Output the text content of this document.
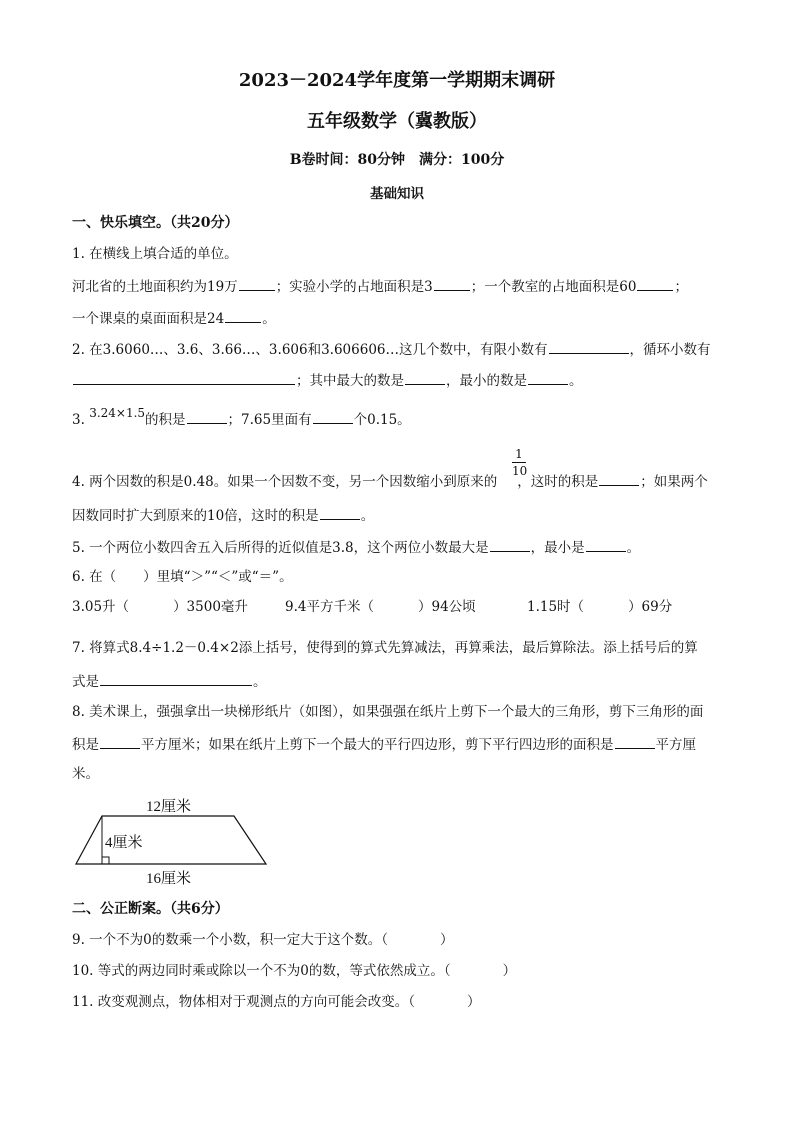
2023－2024学年度第一学期期末调研
五年级数学（冀教版）
B卷时间：80分钟　满分：100分
基础知识
一、快乐填空。（共20分）
1. 在横线上填合适的单位。
河北省的土地面积约为19万	；实验小学的占地面积是3	；一个教室的占地面积是60	；
一个课桌的桌面面积是24	。
2. 在3.6060…、3.6、3.66…、3.606和3.606606…这几个数中，有限小数有	，循环小数有
；其中最大的数是	，最小的数是	。
3. 3.24×1.5的积是	；7.65里面有	个0.15。
1
10
4. 两个因数的积是0.48。如果一个因数不变，另一个因数缩小到原来的 ，这时的积是	；如果两个
因数同时扩大到原来的10倍，这时的积是	。
5. 一个两位小数四舍五入后所得的近似值是3.8，这个两位小数最大是	，最小是	。
6. 在（　　）里填“＞”“＜”或“＝”。
3.05升（	）3500毫升	9.4平方千米（	）94公顷	1.15时（	）69分
7. 将算式8.4÷1.2－0.4×2添上括号，使得到的算式先算减法，再算乘法，最后算除法。添上括号后的算
式是	。
8. 美术课上，强强拿出一块梯形纸片（如图），如果强强在纸片上剪下一个最大的三角形，剪下三角形的面
积是	平方厘米；如果在纸片上剪下一个最大的平行四边形，剪下平行四边形的面积是	平方厘
米。
12厘米
4厘米
16厘米
二、公正断案。（共6分）
9. 一个不为0的数乘一个小数，积一定大于这个数。（	）
10. 等式的两边同时乘或除以一个不为0的数，等式依然成立。（	）
11. 改变观测点，物体相对于观测点的方向可能会改变。（	）
